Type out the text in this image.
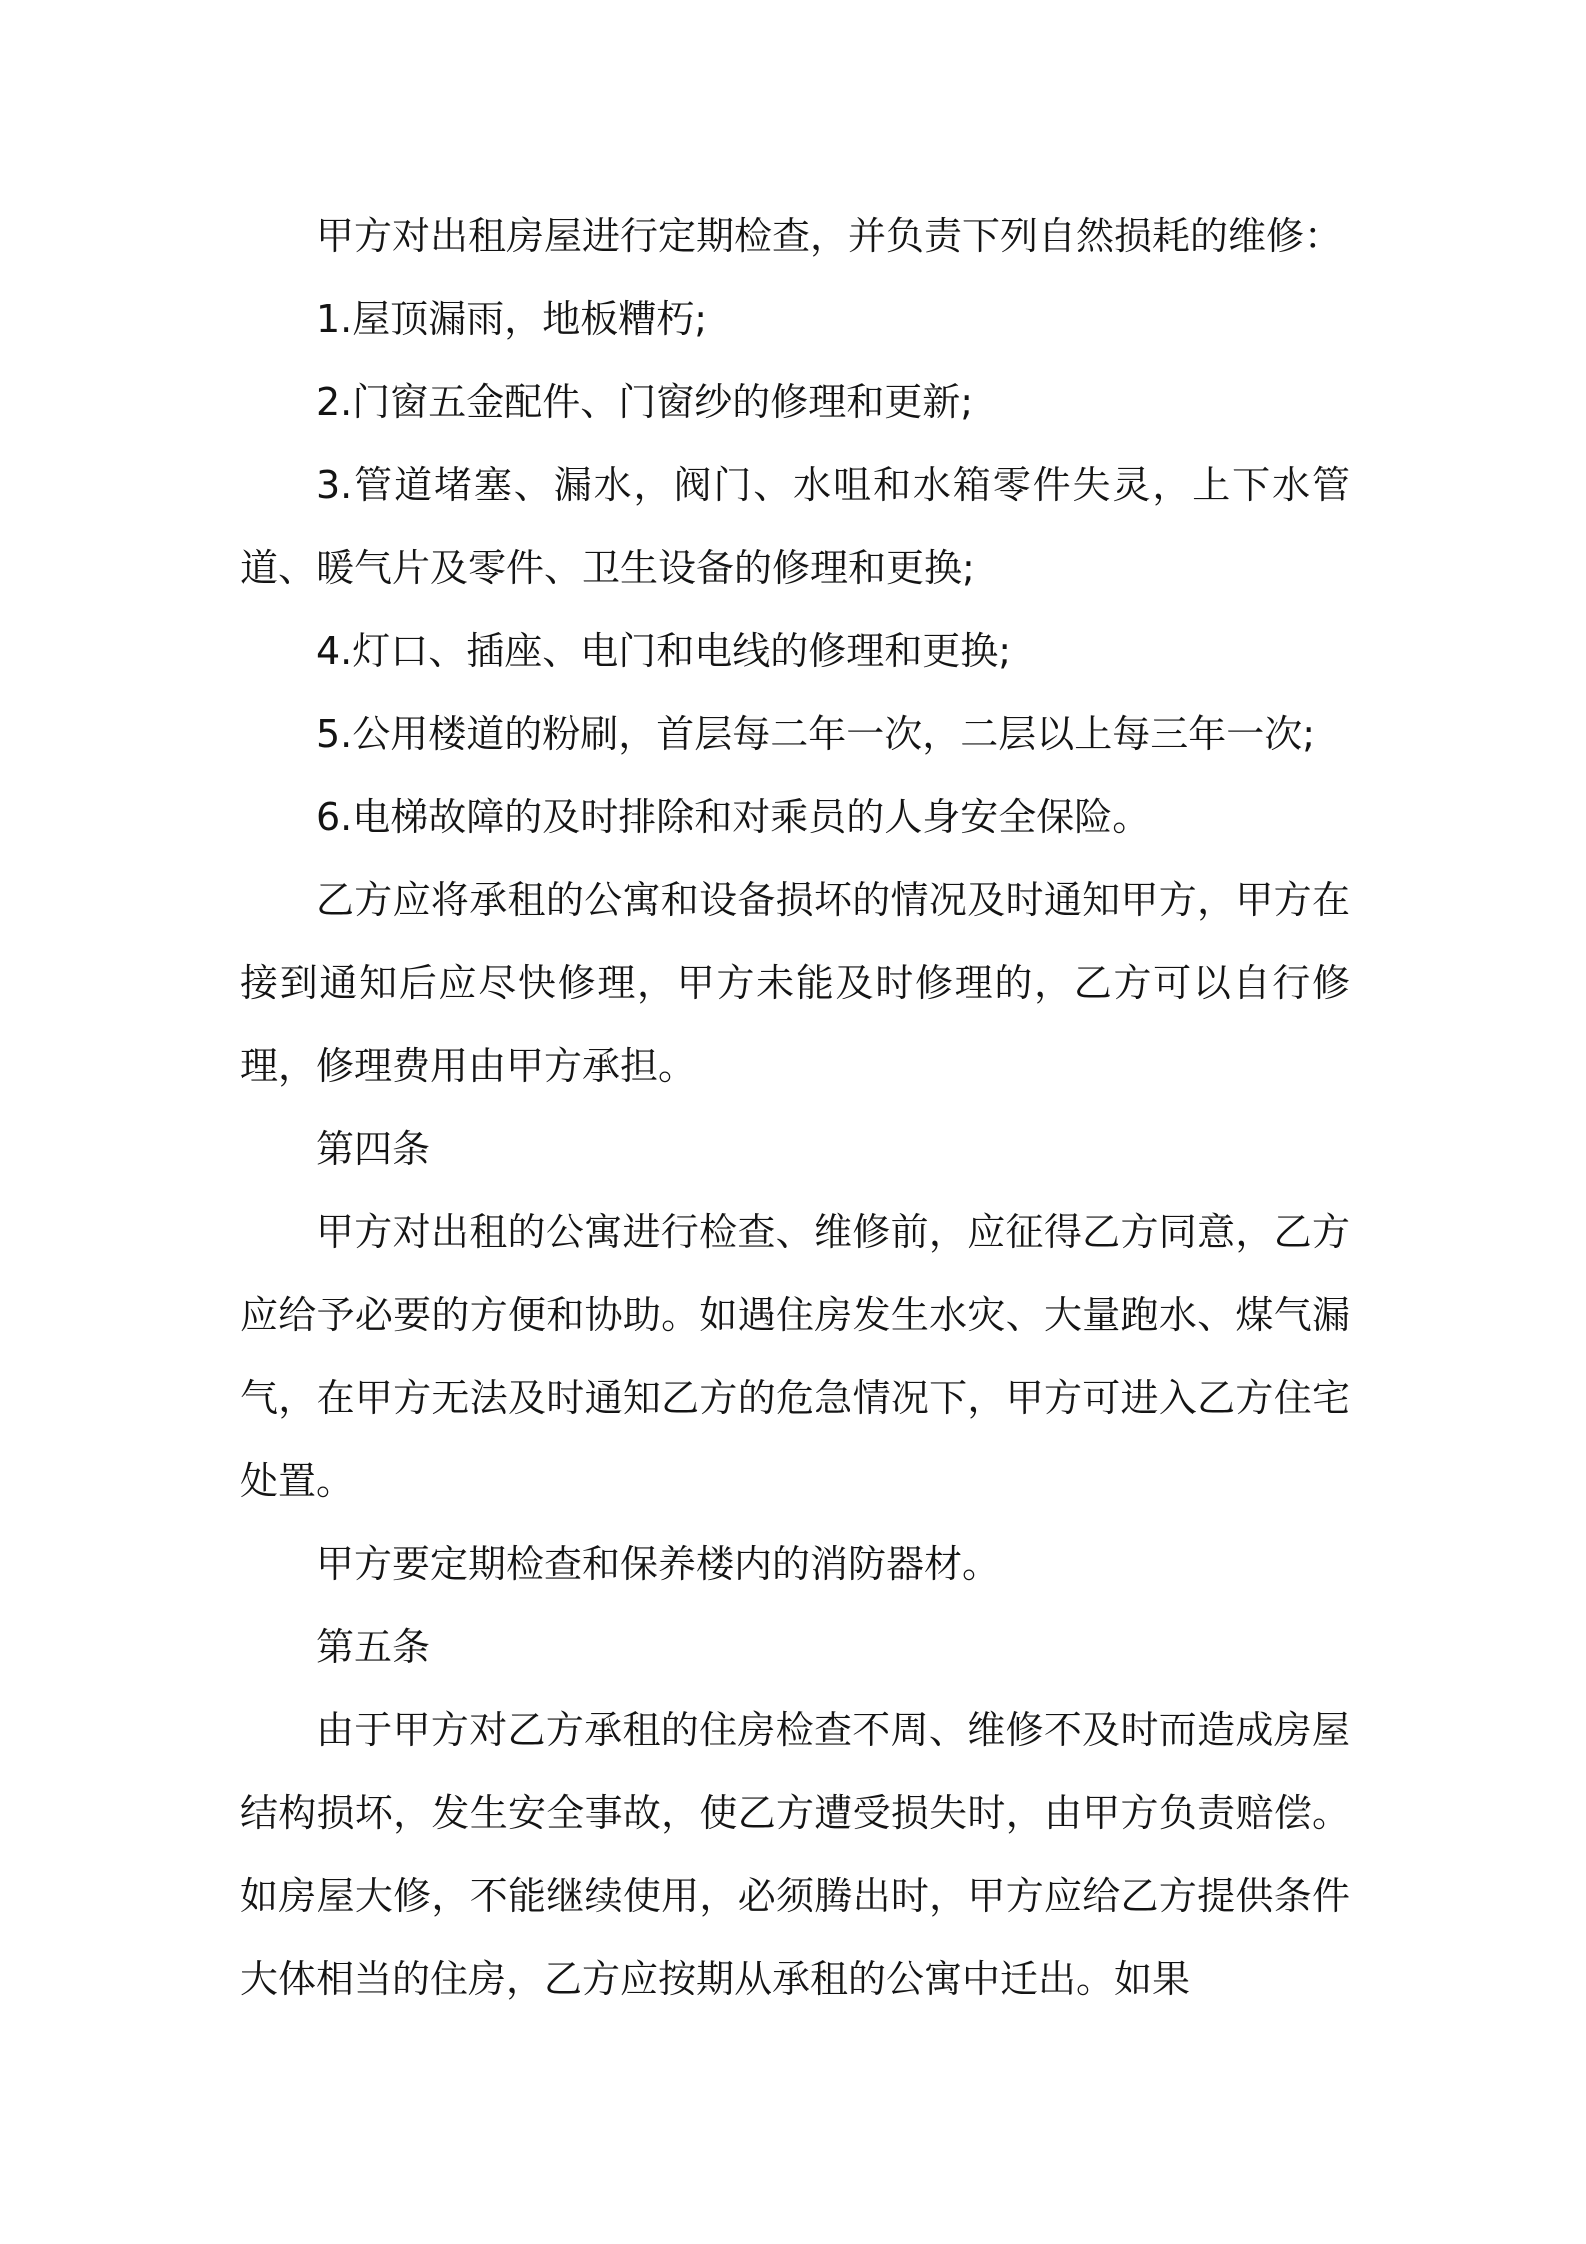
甲方对出租房屋进行定期检查，并负责下列自然损耗的维修：

1.屋顶漏雨，地板糟朽;

2.门窗五金配件、门窗纱的修理和更新;

3.管道堵塞、漏水，阀门、水咀和水箱零件失灵，上下水管道、暖气片及零件、卫生设备的修理和更换;

4.灯口、插座、电门和电线的修理和更换;

5.公用楼道的粉刷，首层每二年一次，二层以上每三年一次;

6.电梯故障的及时排除和对乘员的人身安全保险。

乙方应将承租的公寓和设备损坏的情况及时通知甲方，甲方在接到通知后应尽快修理，甲方未能及时修理的，乙方可以自行修理，修理费用由甲方承担。

第四条

甲方对出租的公寓进行检查、维修前，应征得乙方同意，乙方应给予必要的方便和协助。如遇住房发生水灾、大量跑水、煤气漏气，在甲方无法及时通知乙方的危急情况下，甲方可进入乙方住宅处置。

甲方要定期检查和保养楼内的消防器材。

第五条

由于甲方对乙方承租的住房检查不周、维修不及时而造成房屋结构损坏，发生安全事故，使乙方遭受损失时，由甲方负责赔偿。如房屋大修，不能继续使用，必须腾出时，甲方应给乙方提供条件大体相当的住房，乙方应按期从承租的公寓中迁出。如果
